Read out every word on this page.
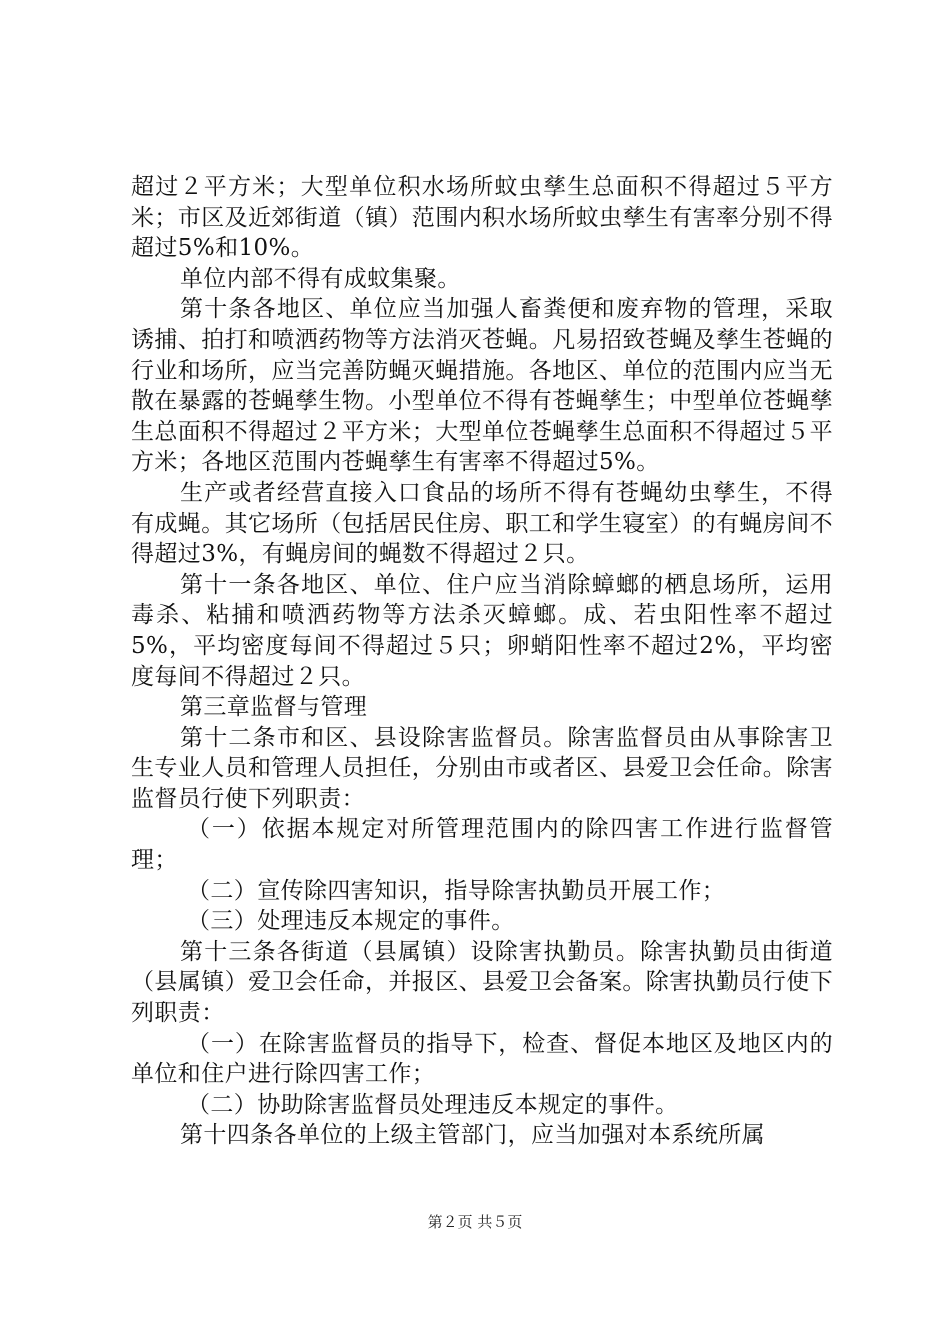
超过２平方米；大型单位积水场所蚊虫孳生总面积不得超过５平方米；市区及近郊街道（镇）范围内积水场所蚊虫孳生有害率分别不得超过5%和10%。

单位内部不得有成蚊集聚。

第十条各地区、单位应当加强人畜粪便和废弃物的管理，采取诱捕、拍打和喷洒药物等方法消灭苍蝇。凡易招致苍蝇及孳生苍蝇的行业和场所，应当完善防蝇灭蝇措施。各地区、单位的范围内应当无散在暴露的苍蝇孳生物。小型单位不得有苍蝇孳生；中型单位苍蝇孳生总面积不得超过２平方米；大型单位苍蝇孳生总面积不得超过５平方米；各地区范围内苍蝇孳生有害率不得超过5%。

生产或者经营直接入口食品的场所不得有苍蝇幼虫孳生，不得有成蝇。其它场所（包括居民住房、职工和学生寝室）的有蝇房间不得超过3%，有蝇房间的蝇数不得超过２只。

第十一条各地区、单位、住户应当消除蟑螂的栖息场所，运用毒杀、粘捕和喷洒药物等方法杀灭蟑螂。成、若虫阳性率不超过5%，平均密度每间不得超过５只；卵蛸阳性率不超过2%，平均密度每间不得超过２只。

第三章监督与管理

第十二条市和区、县设除害监督员。除害监督员由从事除害卫生专业人员和管理人员担任，分别由市或者区、县爱卫会任命。除害监督员行使下列职责：

（一）依据本规定对所管理范围内的除四害工作进行监督管理；

（二）宣传除四害知识，指导除害执勤员开展工作；

（三）处理违反本规定的事件。

第十三条各街道（县属镇）设除害执勤员。除害执勤员由街道（县属镇）爱卫会任命，并报区、县爱卫会备案。除害执勤员行使下列职责：

（一）在除害监督员的指导下，检查、督促本地区及地区内的单位和住户进行除四害工作；

（二）协助除害监督员处理违反本规定的事件。

第十四条各单位的上级主管部门，应当加强对本系统所属

第２页 共５页
